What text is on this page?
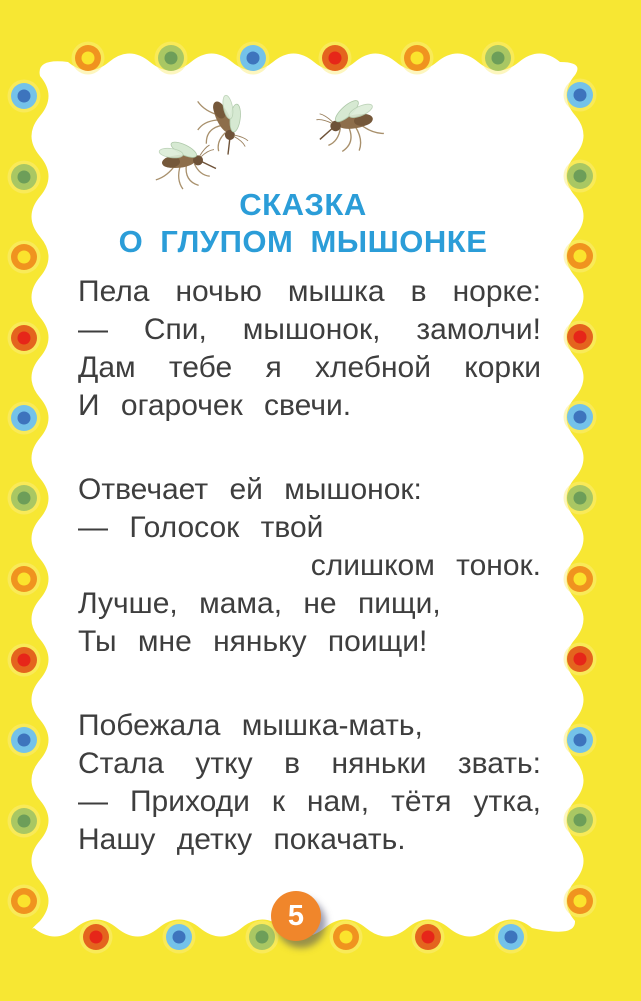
СКАЗКА
О ГЛУПОМ МЫШОНКЕ
Пела ночью мышка в норке:
— Спи, мышонок, замолчи!
Дам тебе я хлебной корки
И огарочек свечи.
Отвечает ей мышонок:
— Голосок твой
слишком тонок.
Лучше, мама, не пищи,
Ты мне няньку поищи!
Побежала мышка-мать,
Стала утку в няньки звать:
— Приходи к нам, тётя утка,
Нашу детку покачать.
5
